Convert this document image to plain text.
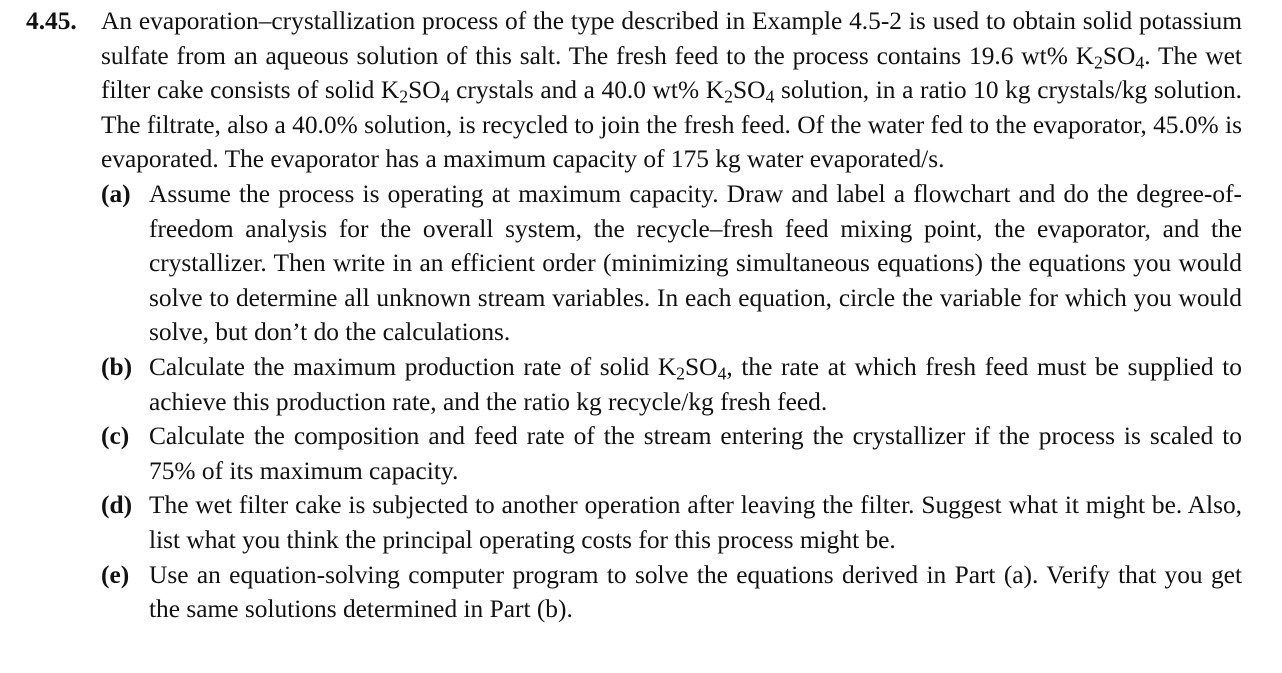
4.45. An evaporation–crystallization process of the type described in Example 4.5-2 is used to obtain solid potassium sulfate from an aqueous solution of this salt. The fresh feed to the process contains 19.6 wt% $K_2SO_4$. The wet filter cake consists of solid $K_2SO_4$ crystals and a 40.0 wt% $K_2SO_4$ solution, in a ratio 10 kg crystals/kg solution. The filtrate, also a 40.0% solution, is recycled to join the fresh feed. Of the water fed to the evaporator, 45.0% is evaporated. The evaporator has a maximum capacity of 175 kg water evaporated/s.

(a) Assume the process is operating at maximum capacity. Draw and label a flowchart and do the degree-of-freedom analysis for the overall system, the recycle–fresh feed mixing point, the evaporator, and the crystallizer. Then write in an efficient order (minimizing simultaneous equations) the equations you would solve to determine all unknown stream variables. In each equation, circle the variable for which you would solve, but don’t do the calculations.
(b) Calculate the maximum production rate of solid $K_2SO_4$, the rate at which fresh feed must be supplied to achieve this production rate, and the ratio kg recycle/kg fresh feed.
(c) Calculate the composition and feed rate of the stream entering the crystallizer if the process is scaled to 75% of its maximum capacity.
(d) The wet filter cake is subjected to another operation after leaving the filter. Suggest what it might be. Also, list what you think the principal operating costs for this process might be.
(e) Use an equation-solving computer program to solve the equations derived in Part (a). Verify that you get the same solutions determined in Part (b).
